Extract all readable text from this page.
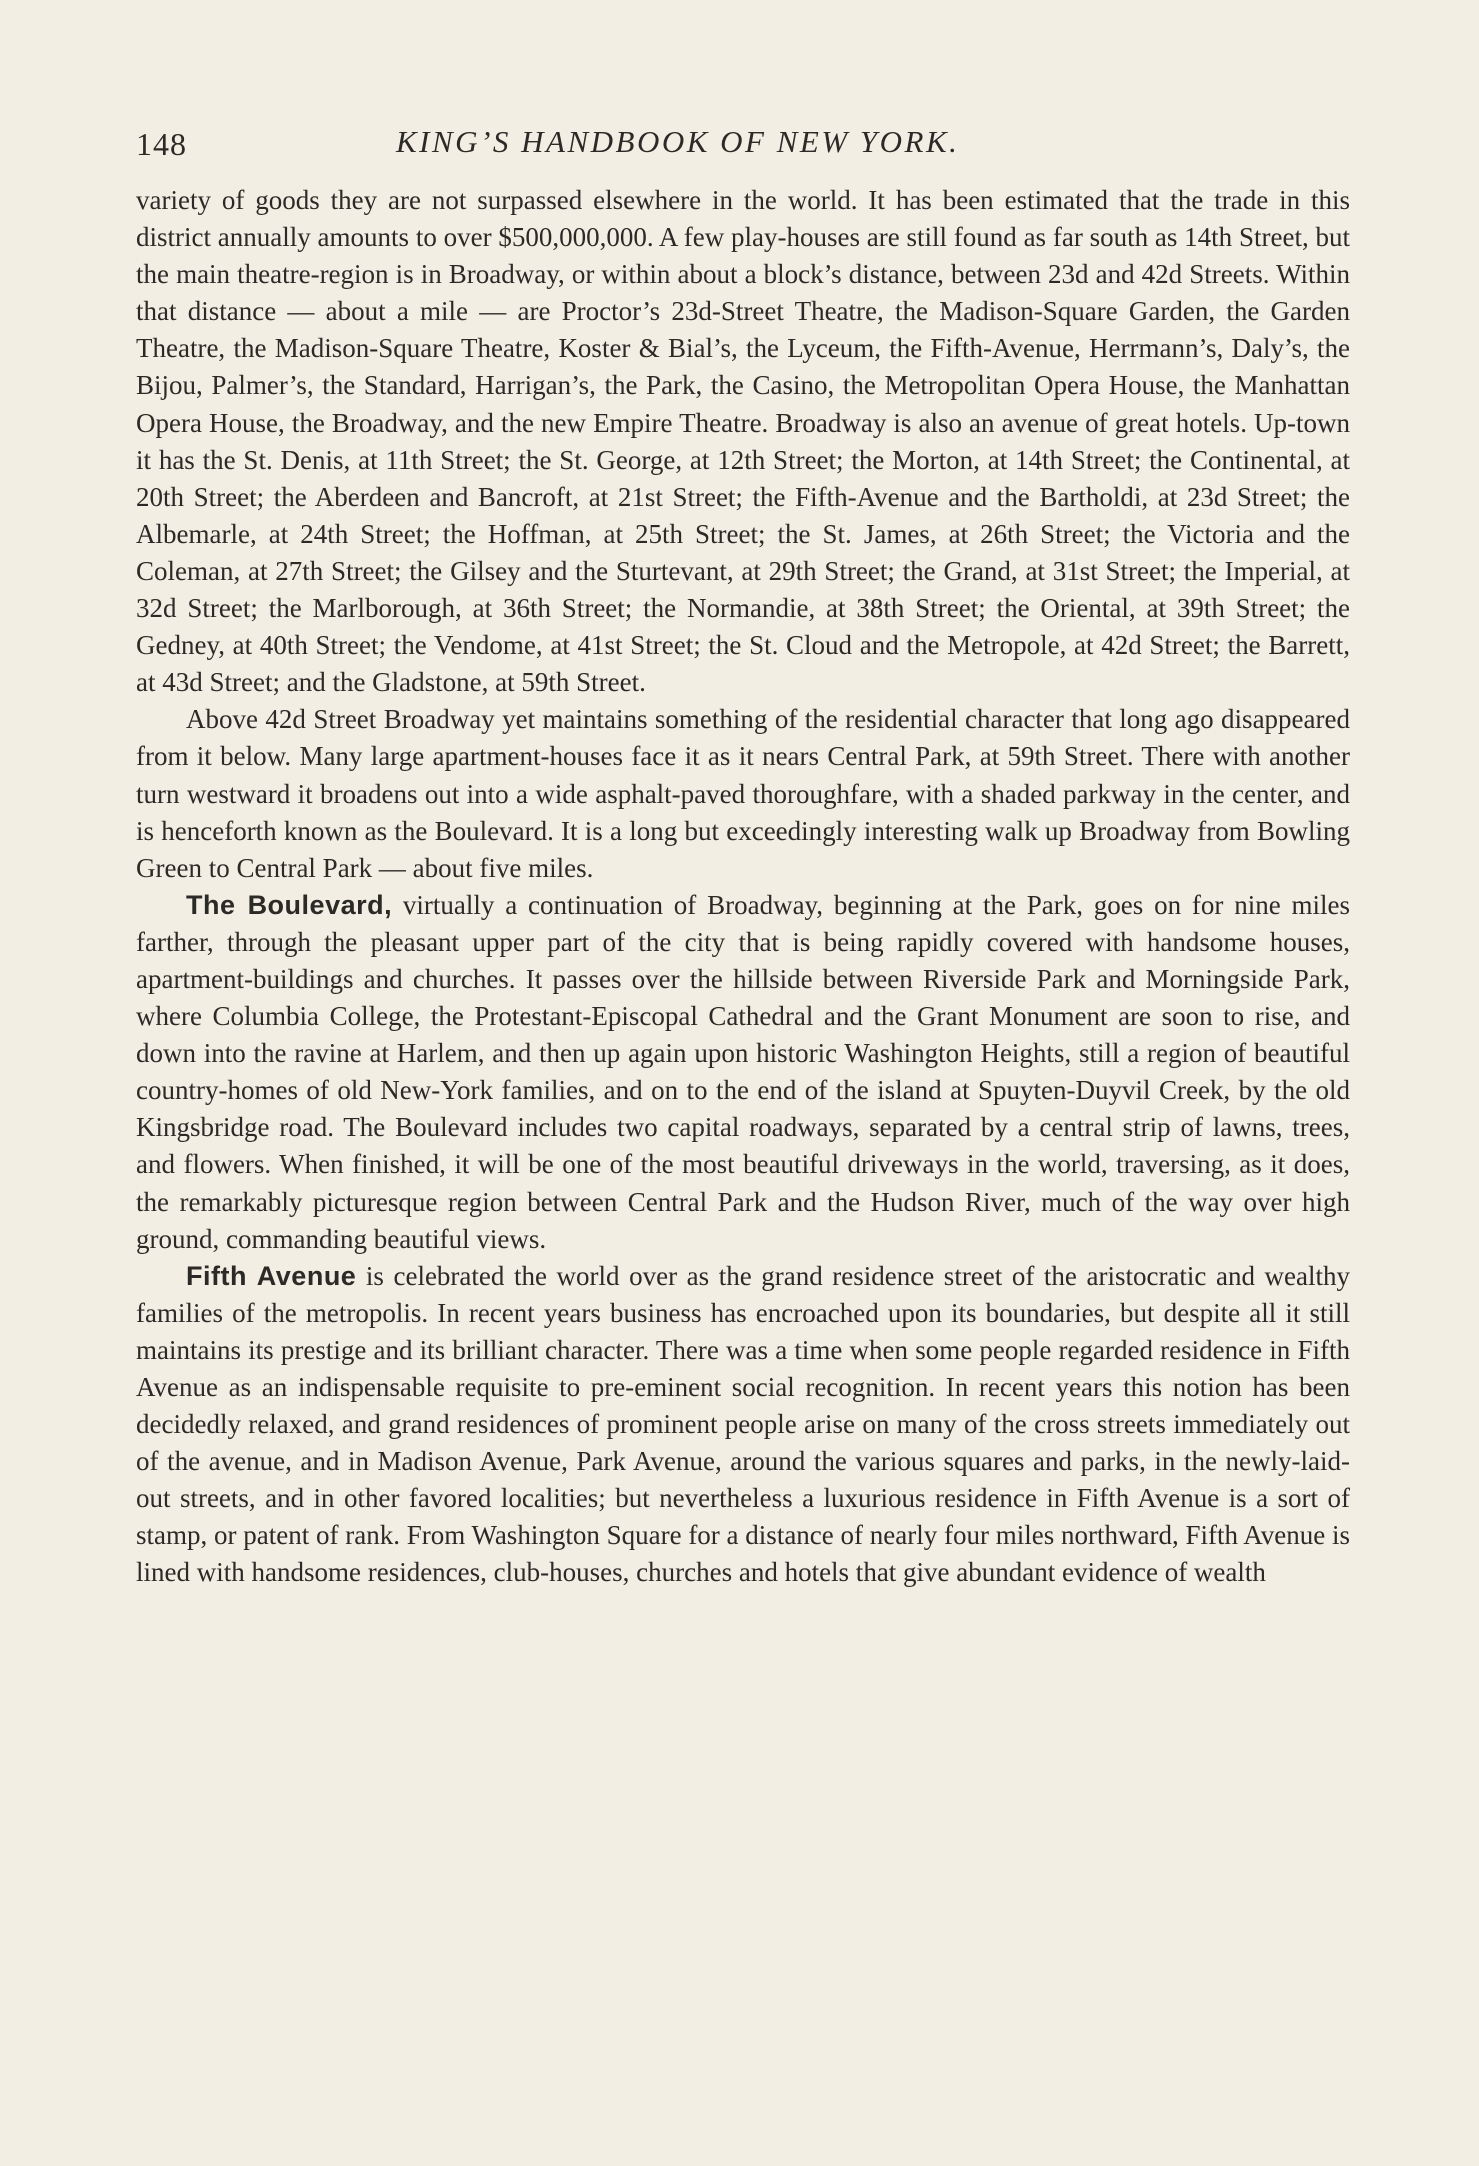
148	KING’S HANDBOOK OF NEW YORK.

variety of goods they are not surpassed elsewhere in the world. It has been estimated that the trade in this district annually amounts to over $500,000,000. A few play-houses are still found as far south as 14th Street, but the main theatre-region is in Broadway, or within about a block’s distance, between 23d and 42d Streets. Within that distance — about a mile — are Proctor’s 23d-Street Theatre, the Madison-Square Garden, the Garden Theatre, the Madison-Square Theatre, Koster & Bial’s, the Lyceum, the Fifth-Avenue, Herrmann’s, Daly’s, the Bijou, Palmer’s, the Standard, Harrigan’s, the Park, the Casino, the Metropolitan Opera House, the Manhattan Opera House, the Broadway, and the new Empire Theatre. Broadway is also an avenue of great hotels. Up-town it has the St. Denis, at 11th Street; the St. George, at 12th Street; the Morton, at 14th Street; the Continental, at 20th Street; the Aberdeen and Bancroft, at 21st Street; the Fifth-Avenue and the Bartholdi, at 23d Street; the Albemarle, at 24th Street; the Hoffman, at 25th Street; the St. James, at 26th Street; the Victoria and the Coleman, at 27th Street; the Gilsey and the Sturtevant, at 29th Street; the Grand, at 31st Street; the Imperial, at 32d Street; the Marlborough, at 36th Street; the Normandie, at 38th Street; the Oriental, at 39th Street; the Gedney, at 40th Street; the Vendome, at 41st Street; the St. Cloud and the Metropole, at 42d Street; the Barrett, at 43d Street; and the Gladstone, at 59th Street.

Above 42d Street Broadway yet maintains something of the residential character that long ago disappeared from it below. Many large apartment-houses face it as it nears Central Park, at 59th Street. There with another turn westward it broadens out into a wide asphalt-paved thoroughfare, with a shaded parkway in the center, and is henceforth known as the Boulevard. It is a long but exceedingly interesting walk up Broadway from Bowling Green to Central Park — about five miles.

The Boulevard, virtually a continuation of Broadway, beginning at the Park, goes on for nine miles farther, through the pleasant upper part of the city that is being rapidly covered with handsome houses, apartment-buildings and churches. It passes over the hillside between Riverside Park and Morningside Park, where Columbia College, the Protestant-Episcopal Cathedral and the Grant Monument are soon to rise, and down into the ravine at Harlem, and then up again upon historic Washington Heights, still a region of beautiful country-homes of old New-York families, and on to the end of the island at Spuyten-Duyvil Creek, by the old Kingsbridge road. The Boulevard includes two capital roadways, separated by a central strip of lawns, trees, and flowers. When finished, it will be one of the most beautiful driveways in the world, traversing, as it does, the remarkably picturesque region between Central Park and the Hudson River, much of the way over high ground, commanding beautiful views.

Fifth Avenue is celebrated the world over as the grand residence street of the aristocratic and wealthy families of the metropolis. In recent years business has encroached upon its boundaries, but despite all it still maintains its prestige and its brilliant character. There was a time when some people regarded residence in Fifth Avenue as an indispensable requisite to pre-eminent social recognition. In recent years this notion has been decidedly relaxed, and grand residences of prominent people arise on many of the cross streets immediately out of the avenue, and in Madison Avenue, Park Avenue, around the various squares and parks, in the newly-laid-out streets, and in other favored localities; but nevertheless a luxurious residence in Fifth Avenue is a sort of stamp, or patent of rank. From Washington Square for a distance of nearly four miles northward, Fifth Avenue is lined with handsome residences, club-houses, churches and hotels that give abundant evidence of wealth
